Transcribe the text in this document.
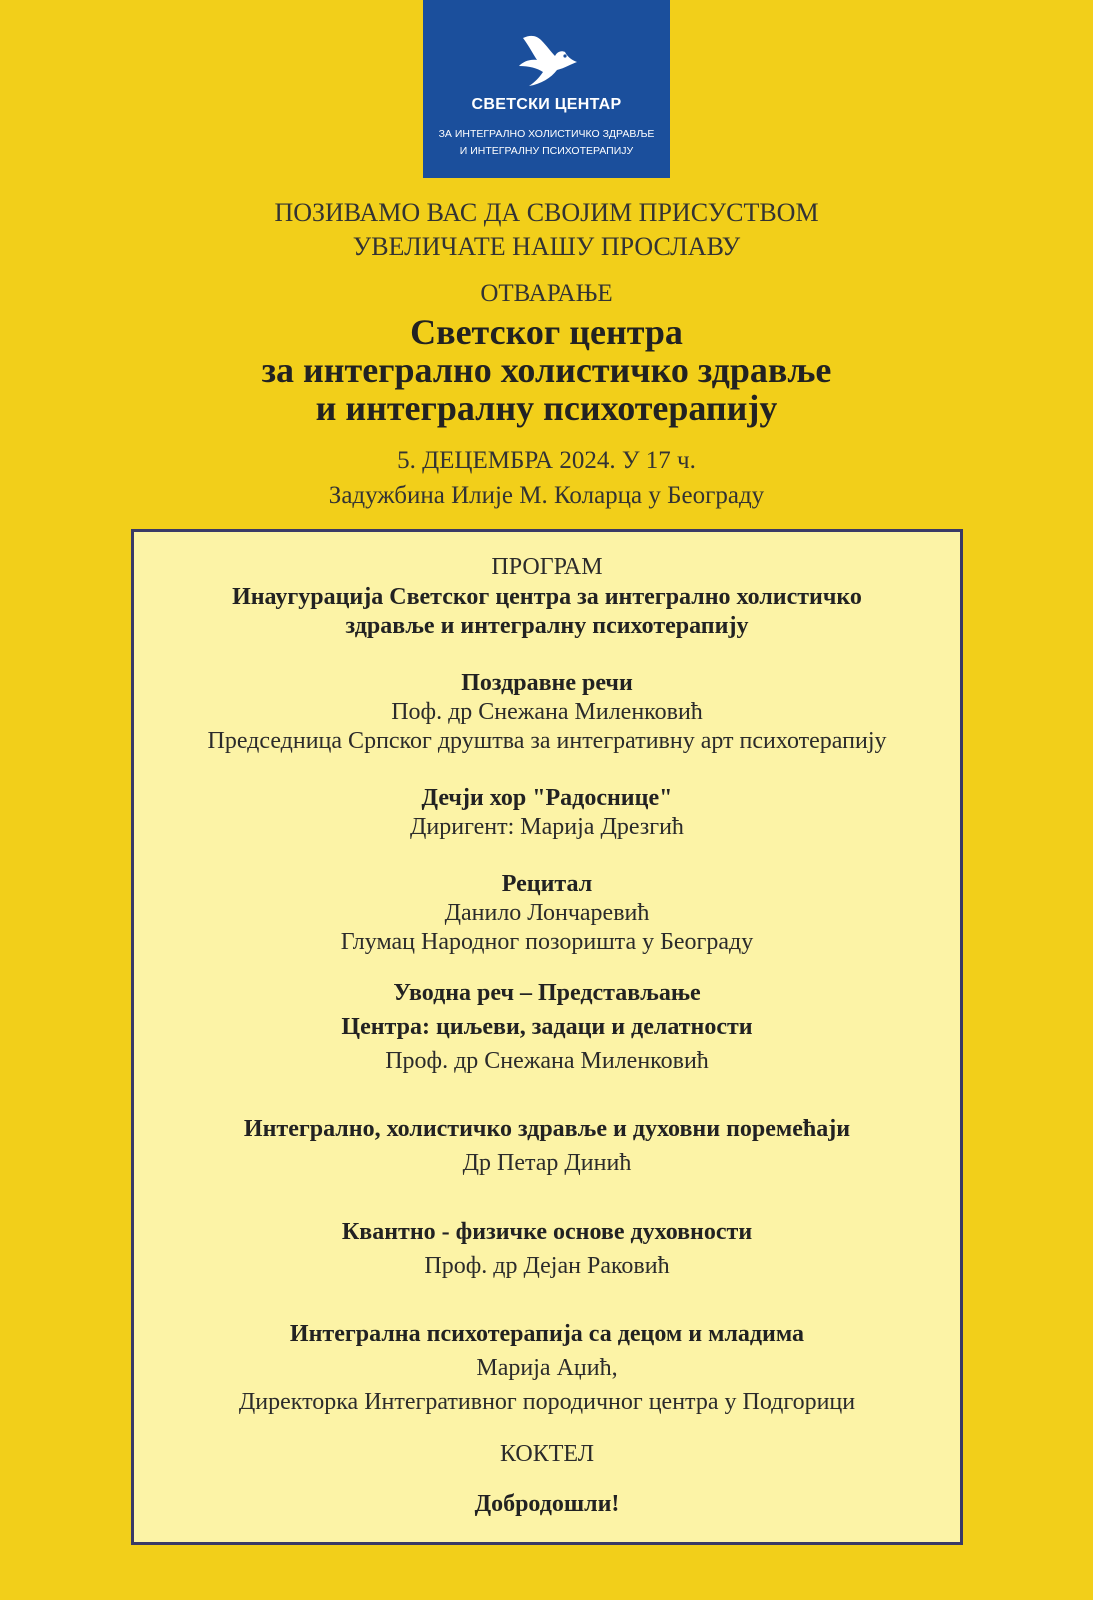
СВЕТСКИ ЦЕНТАР
ЗА ИНТЕГРАЛНО ХОЛИСТИЧКО ЗДРАВЉЕ
И ИНТЕГРАЛНУ ПСИХОТЕРАПИЈУ
ПОЗИВАМО ВАС ДА СВОЈИМ ПРИСУСТВОМ
УВЕЛИЧАТЕ НАШУ ПРОСЛАВУ
ОТВАРАЊЕ
Светског центра
за интегрално холистичко здравље
и интегралну психотерапију
5. ДЕЦЕМБРА 2024. У 17 ч.
Задужбина Илије М. Коларца у Београду
ПРОГРАМ
Инаугурација Светског центра за интегрално холистичко
здравље и интегралну психотерапију
Поздравне речи
Поф. др Снежана Миленковић
Председница Српског друштва за интегративну арт психотерапију
Дечји хор "Радоснице"
Диригент: Марија Дрезгић
Рецитал
Данило Лончаревић
Глумац Народног позоришта у Београду
Уводна реч – Представљање
Центра: циљеви, задаци и делатности
Проф. др Снежана Миленковић
Интегрално, холистичко здравље и духовни поремећаји
Др Петар Динић
Квантно - физичке основе духовности
Проф. др Дејан Раковић
Интегрална психотерапија са децом и младима
Марија Аџић,
Директорка Интегративног породичног центра у Подгорици
КОКТЕЛ
Добродошли!
